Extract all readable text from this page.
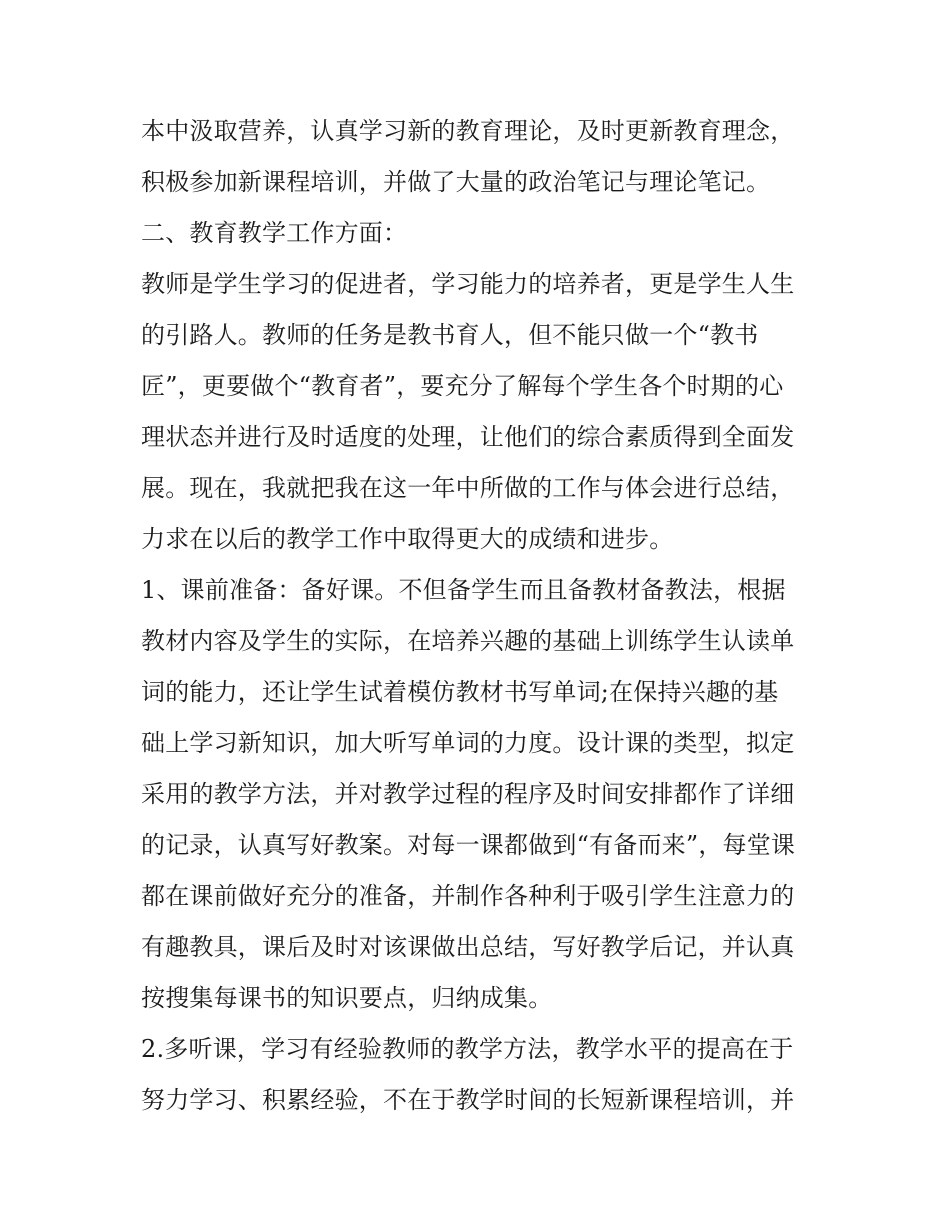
本中汲取营养，认真学习新的教育理论，及时更新教育理念，
积极参加新课程培训，并做了大量的政治笔记与理论笔记。
二、教育教学工作方面：
教师是学生学习的促进者，学习能力的培养者，更是学生人生
的引路人。教师的任务是教书育人，但不能只做一个“教书
匠”，更要做个“教育者”，要充分了解每个学生各个时期的心
理状态并进行及时适度的处理，让他们的综合素质得到全面发
展。现在，我就把我在这一年中所做的工作与体会进行总结，
力求在以后的教学工作中取得更大的成绩和进步。
1、课前准备：备好课。不但备学生而且备教材备教法，根据
教材内容及学生的实际，在培养兴趣的基础上训练学生认读单
词的能力，还让学生试着模仿教材书写单词;在保持兴趣的基
础上学习新知识，加大听写单词的力度。设计课的类型，拟定
采用的教学方法，并对教学过程的程序及时间安排都作了详细
的记录，认真写好教案。对每一课都做到“有备而来”，每堂课
都在课前做好充分的准备，并制作各种利于吸引学生注意力的
有趣教具，课后及时对该课做出总结，写好教学后记，并认真
按搜集每课书的知识要点，归纳成集。
2.多听课，学习有经验教师的教学方法，教学水平的提高在于
努力学习、积累经验，不在于教学时间的长短新课程培训，并
